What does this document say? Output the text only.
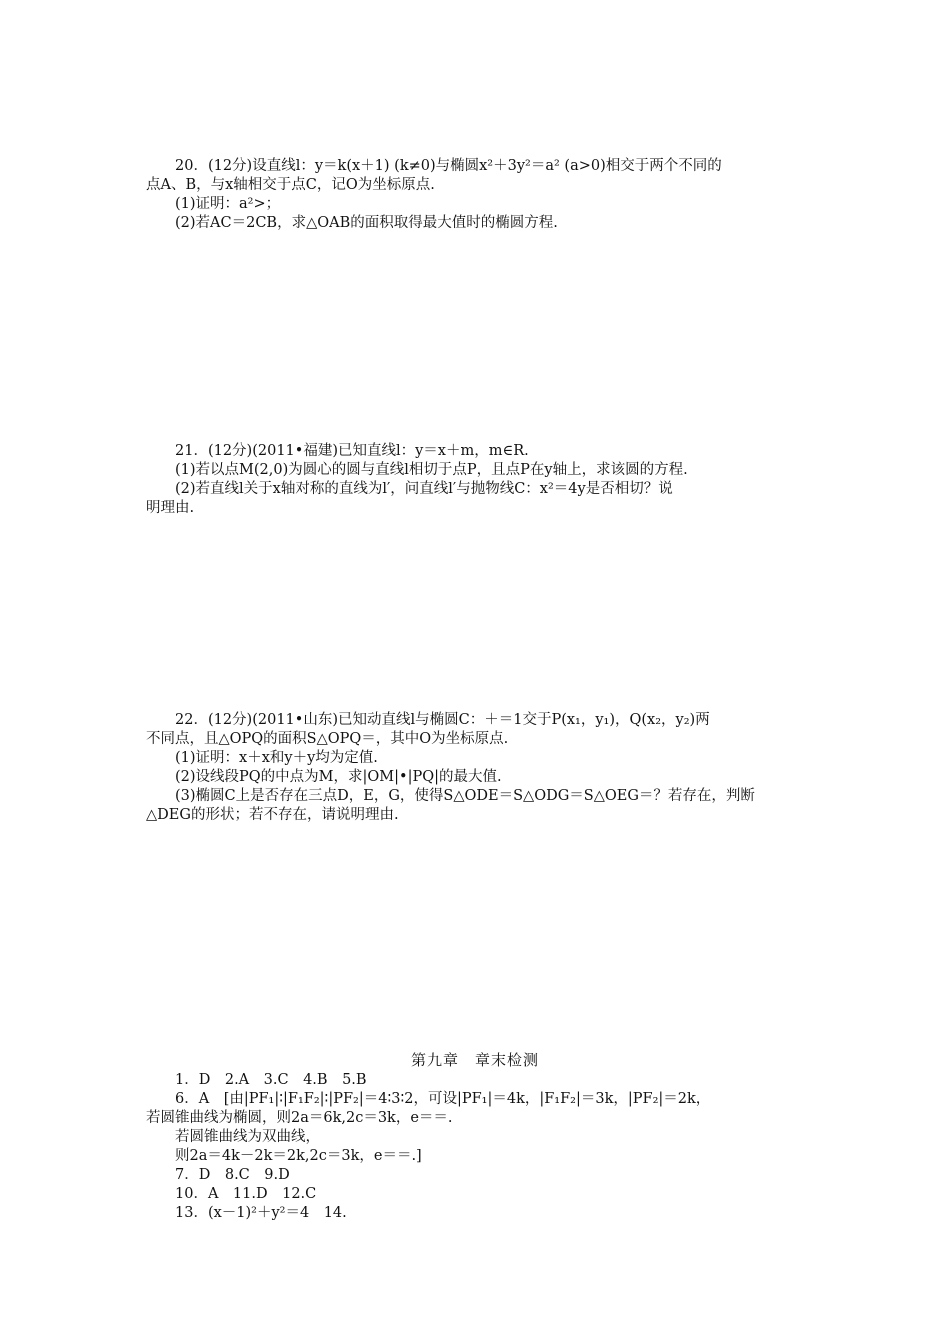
20．(12分)设直线l：y＝k(x＋1) (k≠0)与椭圆x²＋3y²＝a² (a>0)相交于两个不同的
点A、B，与x轴相交于点C，记O为坐标原点.
(1)证明：a²>；
(2)若AC＝2CB，求△OAB的面积取得最大值时的椭圆方程.
21．(12分)(2011•福建)已知直线l：y＝x＋m，m∈R.
(1)若以点M(2,0)为圆心的圆与直线l相切于点P，且点P在y轴上，求该圆的方程.
(2)若直线l关于x轴对称的直线为l′，问直线l′与抛物线C：x²＝4y是否相切？说
明理由.
22．(12分)(2011•山东)已知动直线l与椭圆C：＋＝1交于P(x₁，y₁)，Q(x₂，y₂)两
不同点，且△OPQ的面积S△OPQ＝，其中O为坐标原点.
(1)证明：x＋x和y＋y均为定值.
(2)设线段PQ的中点为M，求|OM|•|PQ|的最大值.
(3)椭圆C上是否存在三点D，E，G，使得S△ODE＝S△ODG＝S△OEG＝？若存在，判断
△DEG的形状；若不存在，请说明理由.
第九章　章末检测
1．D　2.A　3.C　4.B　5.B
6．A　[由|PF₁|∶|F₁F₂|∶|PF₂|＝4∶3∶2，可设|PF₁|＝4k，|F₁F₂|＝3k，|PF₂|＝2k，
若圆锥曲线为椭圆，则2a＝6k,2c＝3k，e＝＝.
若圆锥曲线为双曲线，
则2a＝4k－2k＝2k,2c＝3k，e＝＝.]
7．D　8.C　9.D
10．A　11.D　12.C
13．(x－1)²＋y²＝4　14.
